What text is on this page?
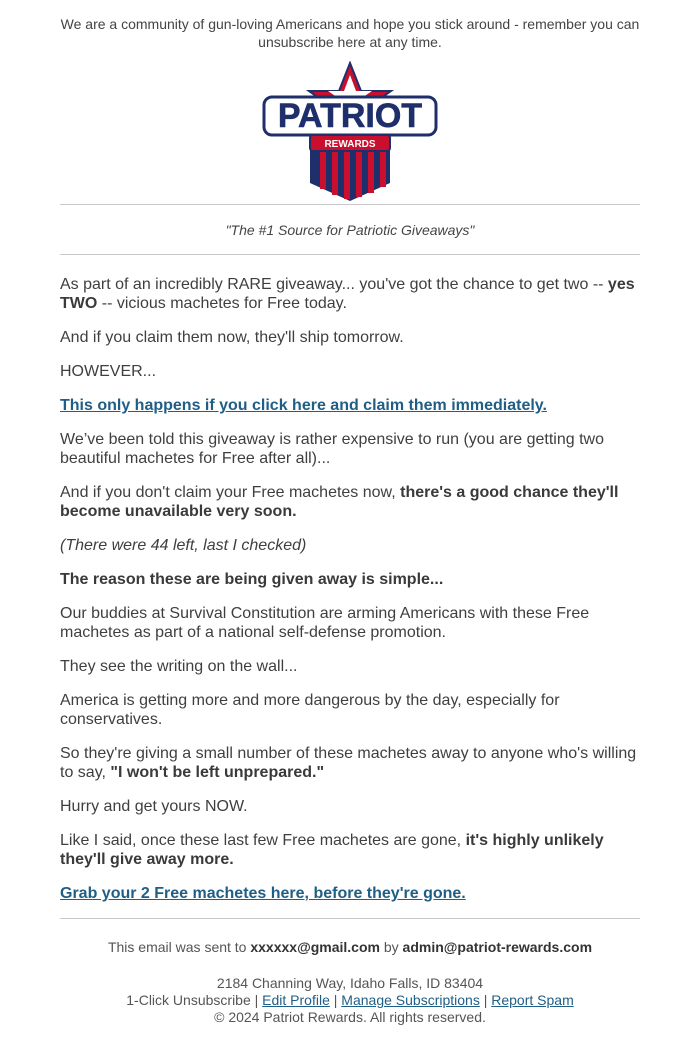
We are a community of gun-loving Americans and hope you stick around - remember you can unsubscribe here at any time.
PATRIOT
REWARDS
"The #1 Source for Patriotic Giveaways"

As part of an incredibly RARE giveaway... you've got the chance to get two -- yes TWO -- vicious machetes for Free today.

And if you claim them now, they'll ship tomorrow.

HOWEVER...

This only happens if you click here and claim them immediately.

We’ve been told this giveaway is rather expensive to run (you are getting two beautiful machetes for Free after all)...

And if you don't claim your Free machetes now, there's a good chance they'll become unavailable very soon.

(There were 44 left, last I checked)

The reason these are being given away is simple...

Our buddies at Survival Constitution are arming Americans with these Free machetes as part of a national self-defense promotion.

They see the writing on the wall...

America is getting more and more dangerous by the day, especially for conservatives.

So they're giving a small number of these machetes away to anyone who's willing to say, "I won't be left unprepared."

Hurry and get yours NOW.

Like I said, once these last few Free machetes are gone, it's highly unlikely they'll give away more.

Grab your 2 Free machetes here, before they're gone.

This email was sent to xxxxxx@gmail.com by admin@patriot-rewards.com
2184 Channing Way, Idaho Falls, ID 83404
1-Click Unsubscribe | Edit Profile | Manage Subscriptions | Report Spam
© 2024 Patriot Rewards. All rights reserved.
